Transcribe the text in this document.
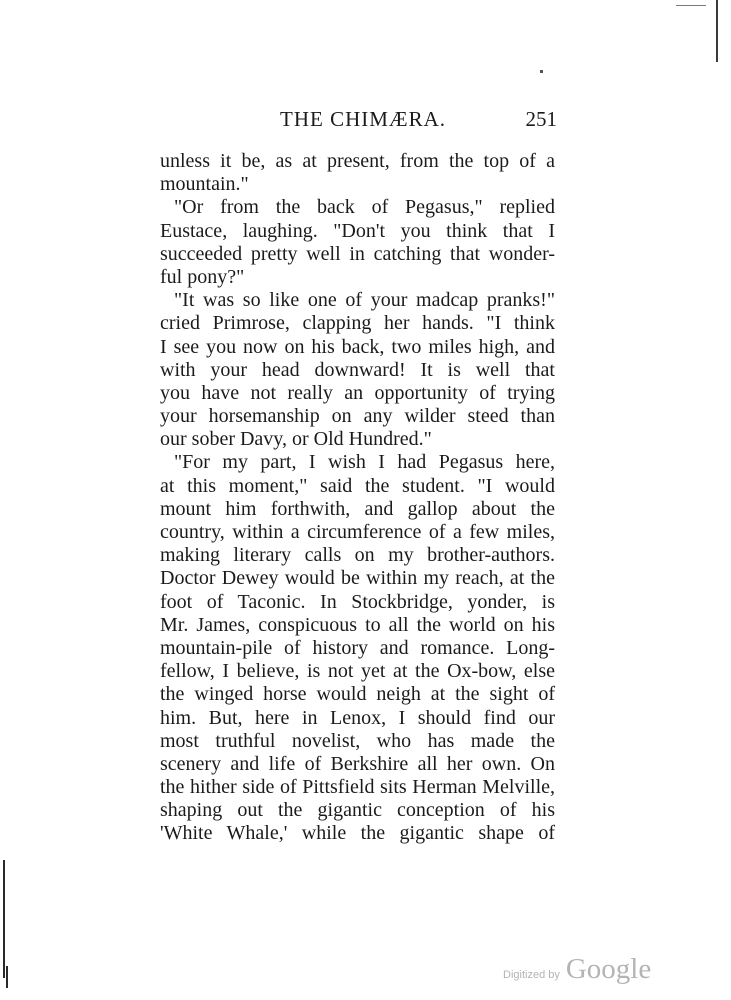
THE CHIMÆRA.	251
unless it be, as at present, from the top of a
mountain."
"Or from the back of Pegasus," replied
Eustace, laughing. "Don't you think that I
succeeded pretty well in catching that wonder-
ful pony?"
"It was so like one of your madcap pranks!"
cried Primrose, clapping her hands. "I think
I see you now on his back, two miles high, and
with your head downward! It is well that
you have not really an opportunity of trying
your horsemanship on any wilder steed than
our sober Davy, or Old Hundred."
"For my part, I wish I had Pegasus here,
at this moment," said the student. "I would
mount him forthwith, and gallop about the
country, within a circumference of a few miles,
making literary calls on my brother-authors.
Doctor Dewey would be within my reach, at the
foot of Taconic. In Stockbridge, yonder, is
Mr. James, conspicuous to all the world on his
mountain-pile of history and romance. Long-
fellow, I believe, is not yet at the Ox-bow, else
the winged horse would neigh at the sight of
him. But, here in Lenox, I should find our
most truthful novelist, who has made the
scenery and life of Berkshire all her own. On
the hither side of Pittsfield sits Herman Melville,
shaping out the gigantic conception of his
'White Whale,' while the gigantic shape of
Digitized by Google
